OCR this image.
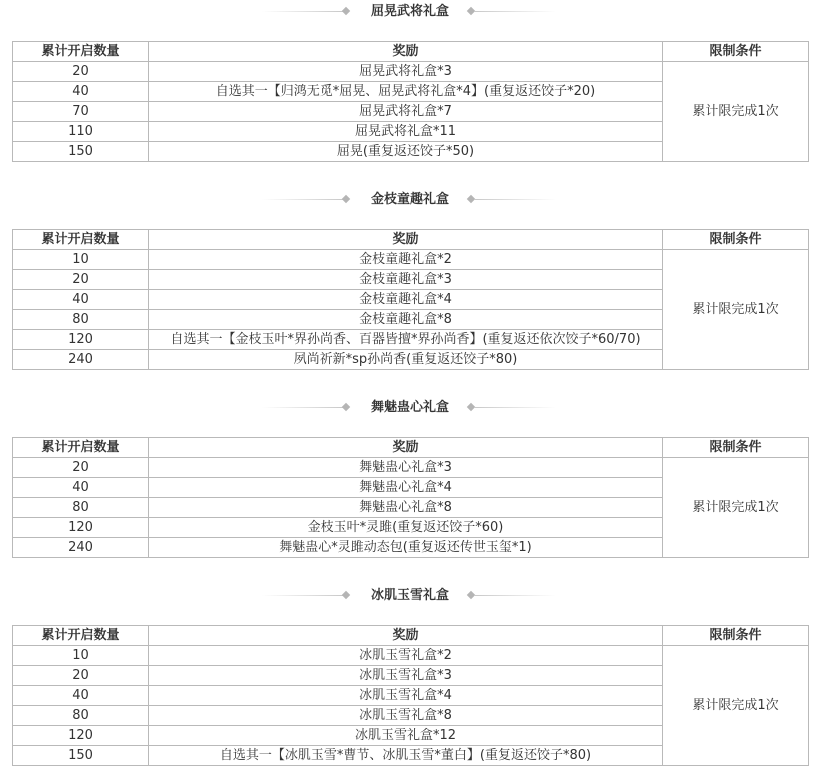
屈晃武将礼盒
累计开启数量	奖励	限制条件
20	屈晃武将礼盒*3	累计限完成1次
40	自选其一【归鸿无觅*屈晃、屈晃武将礼盒*4】(重复返还饺子*20)	
70	屈晃武将礼盒*7	
110	屈晃武将礼盒*11	
150	屈晃(重复返还饺子*50)	
金枝童趣礼盒
累计开启数量	奖励	限制条件
10	金枝童趣礼盒*2	累计限完成1次
20	金枝童趣礼盒*3	
40	金枝童趣礼盒*4	
80	金枝童趣礼盒*8	
120	自选其一【金枝玉叶*界孙尚香、百器皆擅*界孙尚香】(重复返还依次饺子*60/70)	
240	夙尚祈新*sp孙尚香(重复返还饺子*80)	
舞魅蛊心礼盒
累计开启数量	奖励	限制条件
20	舞魅蛊心礼盒*3	累计限完成1次
40	舞魅蛊心礼盒*4	
80	舞魅蛊心礼盒*8	
120	金枝玉叶*灵雎(重复返还饺子*60)	
240	舞魅蛊心*灵雎动态包(重复返还传世玉玺*1)	
冰肌玉雪礼盒
累计开启数量	奖励	限制条件
10	冰肌玉雪礼盒*2	累计限完成1次
20	冰肌玉雪礼盒*3	
40	冰肌玉雪礼盒*4	
80	冰肌玉雪礼盒*8	
120	冰肌玉雪礼盒*12	
150	自选其一【冰肌玉雪*曹节、冰肌玉雪*董白】(重复返还饺子*80)	
